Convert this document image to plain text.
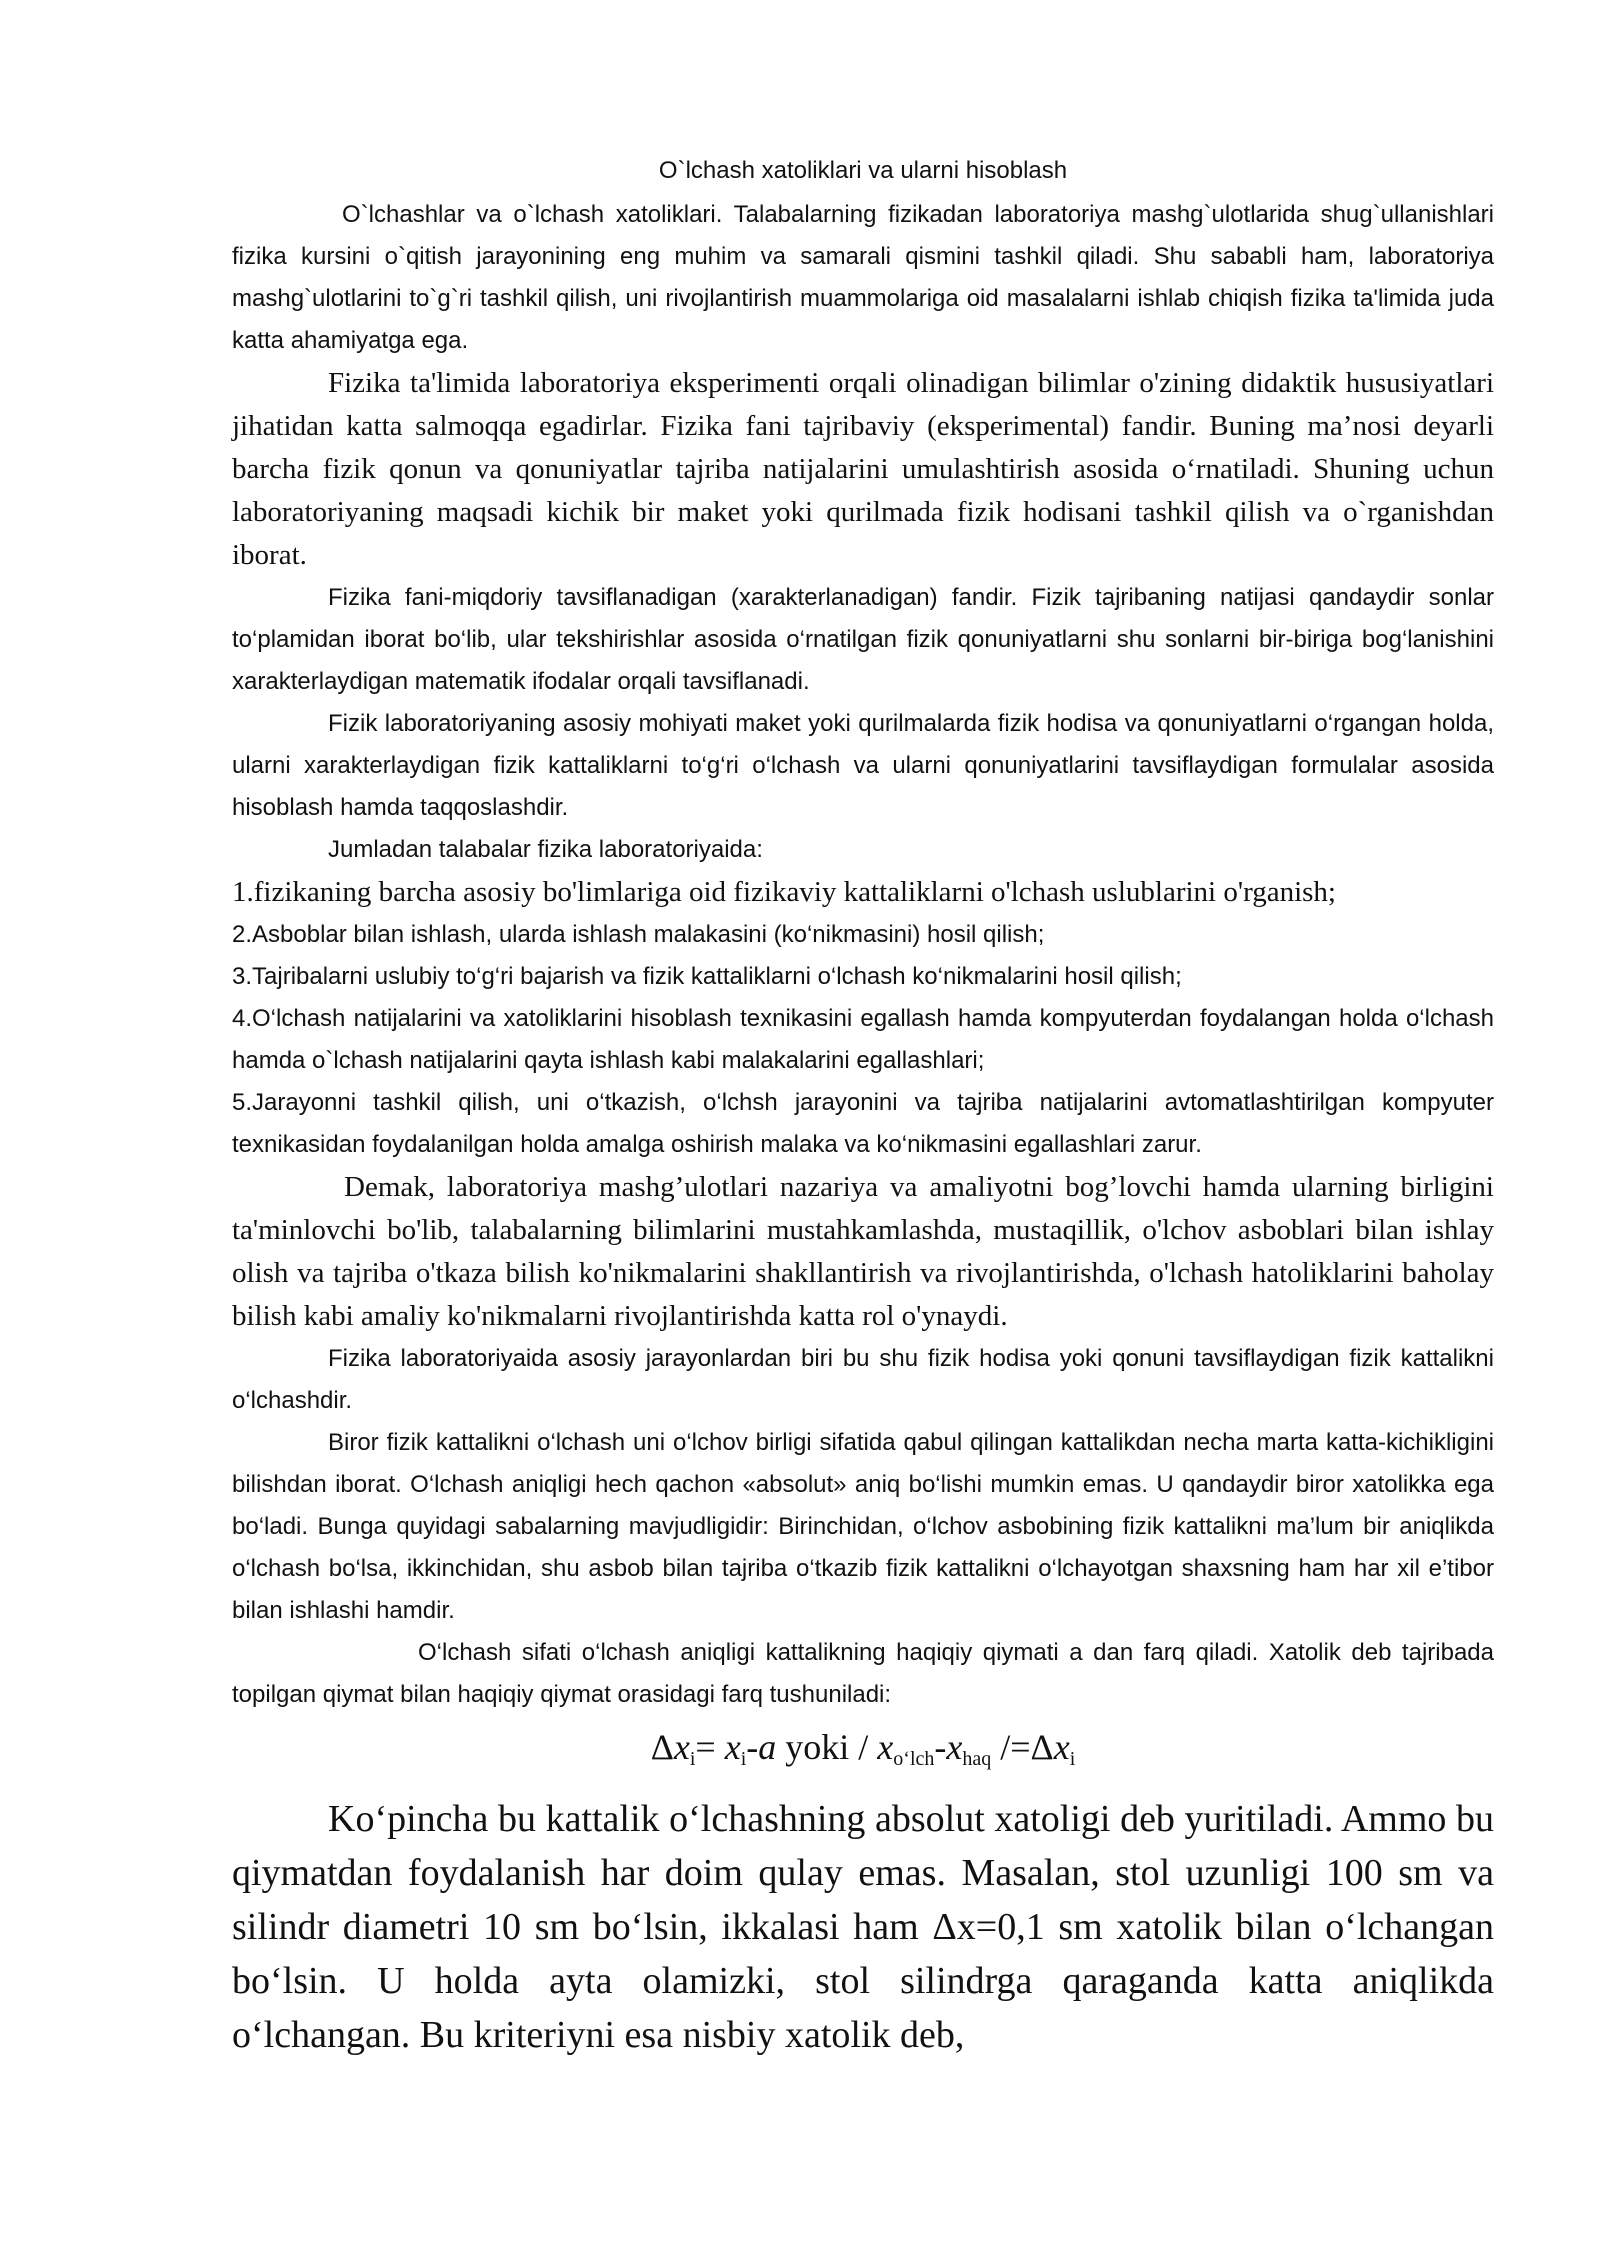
O`lchash xatoliklari va ularni hisoblash

O`lchashlar va o`lchash xatoliklari. Talabalarning fizikadan laboratoriya mashg`ulotlarida shug`ullanishlari fizika kursini o`qitish jarayonining eng muhim va samarali qismini tashkil qiladi. Shu sababli ham, laboratoriya mashg`ulotlarini to`g`ri tashkil qilish, uni rivojlantirish muammolariga oid masalalarni ishlab chiqish fizika ta'limida juda katta ahamiyatga ega.

Fizika ta'limida laboratoriya eksperimenti orqali olinadigan bilimlar o'zining didaktik hususiyatlari jihatidan katta salmoqqa egadirlar. Fizika fani tajribaviy (eksperimental) fandir. Buning ma’nosi deyarli barcha fizik qonun va qonuniyatlar tajriba natijalarini umulashtirish asosida o‘rnatiladi. Shuning uchun laboratoriyaning maqsadi kichik bir maket yoki qurilmada fizik hodisani tashkil qilish va o`rganishdan iborat.

Fizika fani-miqdoriy tavsiflanadigan (xarakterlanadigan) fandir. Fizik tajribaning natijasi qandaydir sonlar to‘plamidan iborat bo‘lib, ular tekshirishlar asosida o‘rnatilgan fizik qonuniyatlarni shu sonlarni bir-biriga bog‘lanishini xarakterlaydigan matematik ifodalar orqali tavsiflanadi.

Fizik laboratoriyaning asosiy mohiyati maket yoki qurilmalarda fizik hodisa va qonuniyatlarni o‘rgangan holda, ularni xarakterlaydigan fizik kattaliklarni to‘g‘ri o‘lchash va ularni qonuniyatlarini tavsiflaydigan formulalar asosida hisoblash hamda taqqoslashdir.

Jumladan talabalar fizika laboratoriyaida:

1.fizikaning barcha asosiy bo'limlariga oid fizikaviy kattaliklarni o'lchash uslublarini o'rganish;

2.Asboblar bilan ishlash, ularda ishlash malakasini (ko‘nikmasini) hosil qilish;

3.Tajribalarni uslubiy to‘g‘ri bajarish va fizik kattaliklarni o‘lchash ko‘nikmalarini hosil qilish;

4.O‘lchash natijalarini va xatoliklarini hisoblash texnikasini egallash hamda kompyuterdan foydalangan holda o‘lchash hamda o`lchash natijalarini qayta ishlash kabi malakalarini egallashlari;

5.Jarayonni tashkil qilish, uni o‘tkazish, o‘lchsh jarayonini va tajriba natijalarini avtomatlashtirilgan kompyuter texnikasidan foydalanilgan holda amalga oshirish malaka va ko‘nikmasini egallashlari zarur.

Demak, laboratoriya mashg’ulotlari nazariya va amaliyotni bog’lovchi hamda ularning birligini ta'minlovchi bo'lib, talabalarning bilimlarini mustahkamlashda, mustaqillik, o'lchov asboblari bilan ishlay olish va tajriba o'tkaza bilish ko'nikmalarini shakllantirish va rivojlantirishda, o'lchash hatoliklarini baholay bilish kabi amaliy ko'nikmalarni rivojlantirishda katta rol o'ynaydi.

Fizika laboratoriyaida asosiy jarayonlardan biri bu shu fizik hodisa yoki qonuni tavsiflaydigan fizik kattalikni o‘lchashdir.

Biror fizik kattalikni o‘lchash uni o‘lchov birligi sifatida qabul qilingan kattalikdan necha marta katta-kichikligini bilishdan iborat. O‘lchash aniqligi hech qachon «absolut» aniq bo‘lishi mumkin emas. U qandaydir biror xatolikka ega bo‘ladi. Bunga quyidagi sabalarning mavjudligidir: Birinchidan, o‘lchov asbobining fizik kattalikni ma’lum bir aniqlikda o‘lchash bo‘lsa, ikkinchidan, shu asbob bilan tajriba o‘tkazib fizik kattalikni o‘lchayotgan shaxsning ham har xil e’tibor bilan ishlashi hamdir.

O‘lchash sifati o‘lchash aniqligi kattalikning haqiqiy qiymati a dan farq qiladi. Xatolik deb tajribada topilgan qiymat bilan haqiqiy qiymat orasidagi farq tushuniladi:

$\Delta x_i= x_i-a$ yoki / $x_{o‘lch}-x_{haq}$ $/=\Delta x_i$

Ko‘pincha bu kattalik o‘lchashning absolut xatoligi deb yuritiladi. Ammo bu qiymatdan foydalanish har doim qulay emas. Masalan, stol uzunligi 100 sm va silindr diametri 10 sm bo‘lsin, ikkalasi ham Δx=0,1 sm xatolik bilan o‘lchangan bo‘lsin. U holda ayta olamizki, stol silindrga qaraganda katta aniqlikda o‘lchangan. Bu kriteriyni esa nisbiy xatolik deb,
